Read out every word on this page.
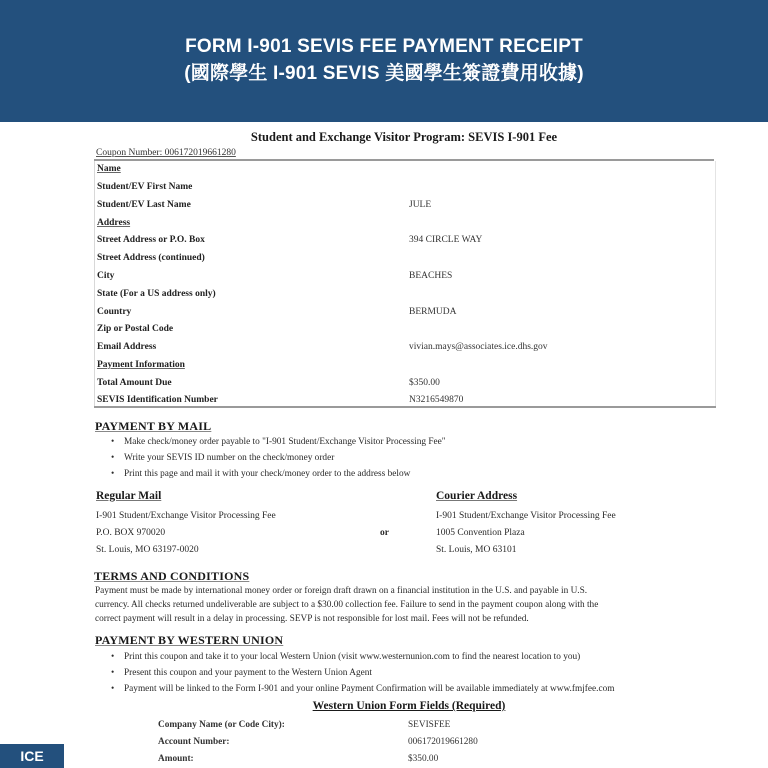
FORM I-901 SEVIS FEE PAYMENT RECEIPT
(國際學生 I-901 SEVIS 美國學生簽證費用收據)
Student and Exchange Visitor Program: SEVIS I-901 Fee
Coupon Number: 006172019661280
Name
Student/EV First Name
Student/EV Last Name	JULE
Address
Street Address or P.O. Box	394 CIRCLE WAY
Street Address (continued)
City	BEACHES
State (For a US address only)
Country	BERMUDA
Zip or Postal Code
Email Address	vivian.mays@associates.ice.dhs.gov
Payment Information
Total Amount Due	$350.00
SEVIS Identification Number	N3216549870
PAYMENT BY MAIL
• Make check/money order payable to "I-901 Student/Exchange Visitor Processing Fee"
• Write your SEVIS ID number on the check/money order
• Print this page and mail it with your check/money order to the address below
Regular Mail
I-901 Student/Exchange Visitor Processing Fee
P.O. BOX 970020
St. Louis, MO 63197-0020
or
Courier Address
I-901 Student/Exchange Visitor Processing Fee
1005 Convention Plaza
St. Louis, MO 63101
TERMS AND CONDITIONS
Payment must be made by international money order or foreign draft drawn on a financial institution in the U.S. and payable in U.S.
currency. All checks returned undeliverable are subject to a $30.00 collection fee. Failure to send in the payment coupon along with the
correct payment will result in a delay in processing. SEVP is not responsible for lost mail. Fees will not be refunded.
PAYMENT BY WESTERN UNION
• Print this coupon and take it to your local Western Union (visit www.westernunion.com to find the nearest location to you)
• Present this coupon and your payment to the Western Union Agent
• Payment will be linked to the Form I-901 and your online Payment Confirmation will be available immediately at www.fmjfee.com
Western Union Form Fields (Required)
Company Name (or Code City):	SEVISFEE
Account Number:	006172019661280
Amount:	$350.00
ICE
